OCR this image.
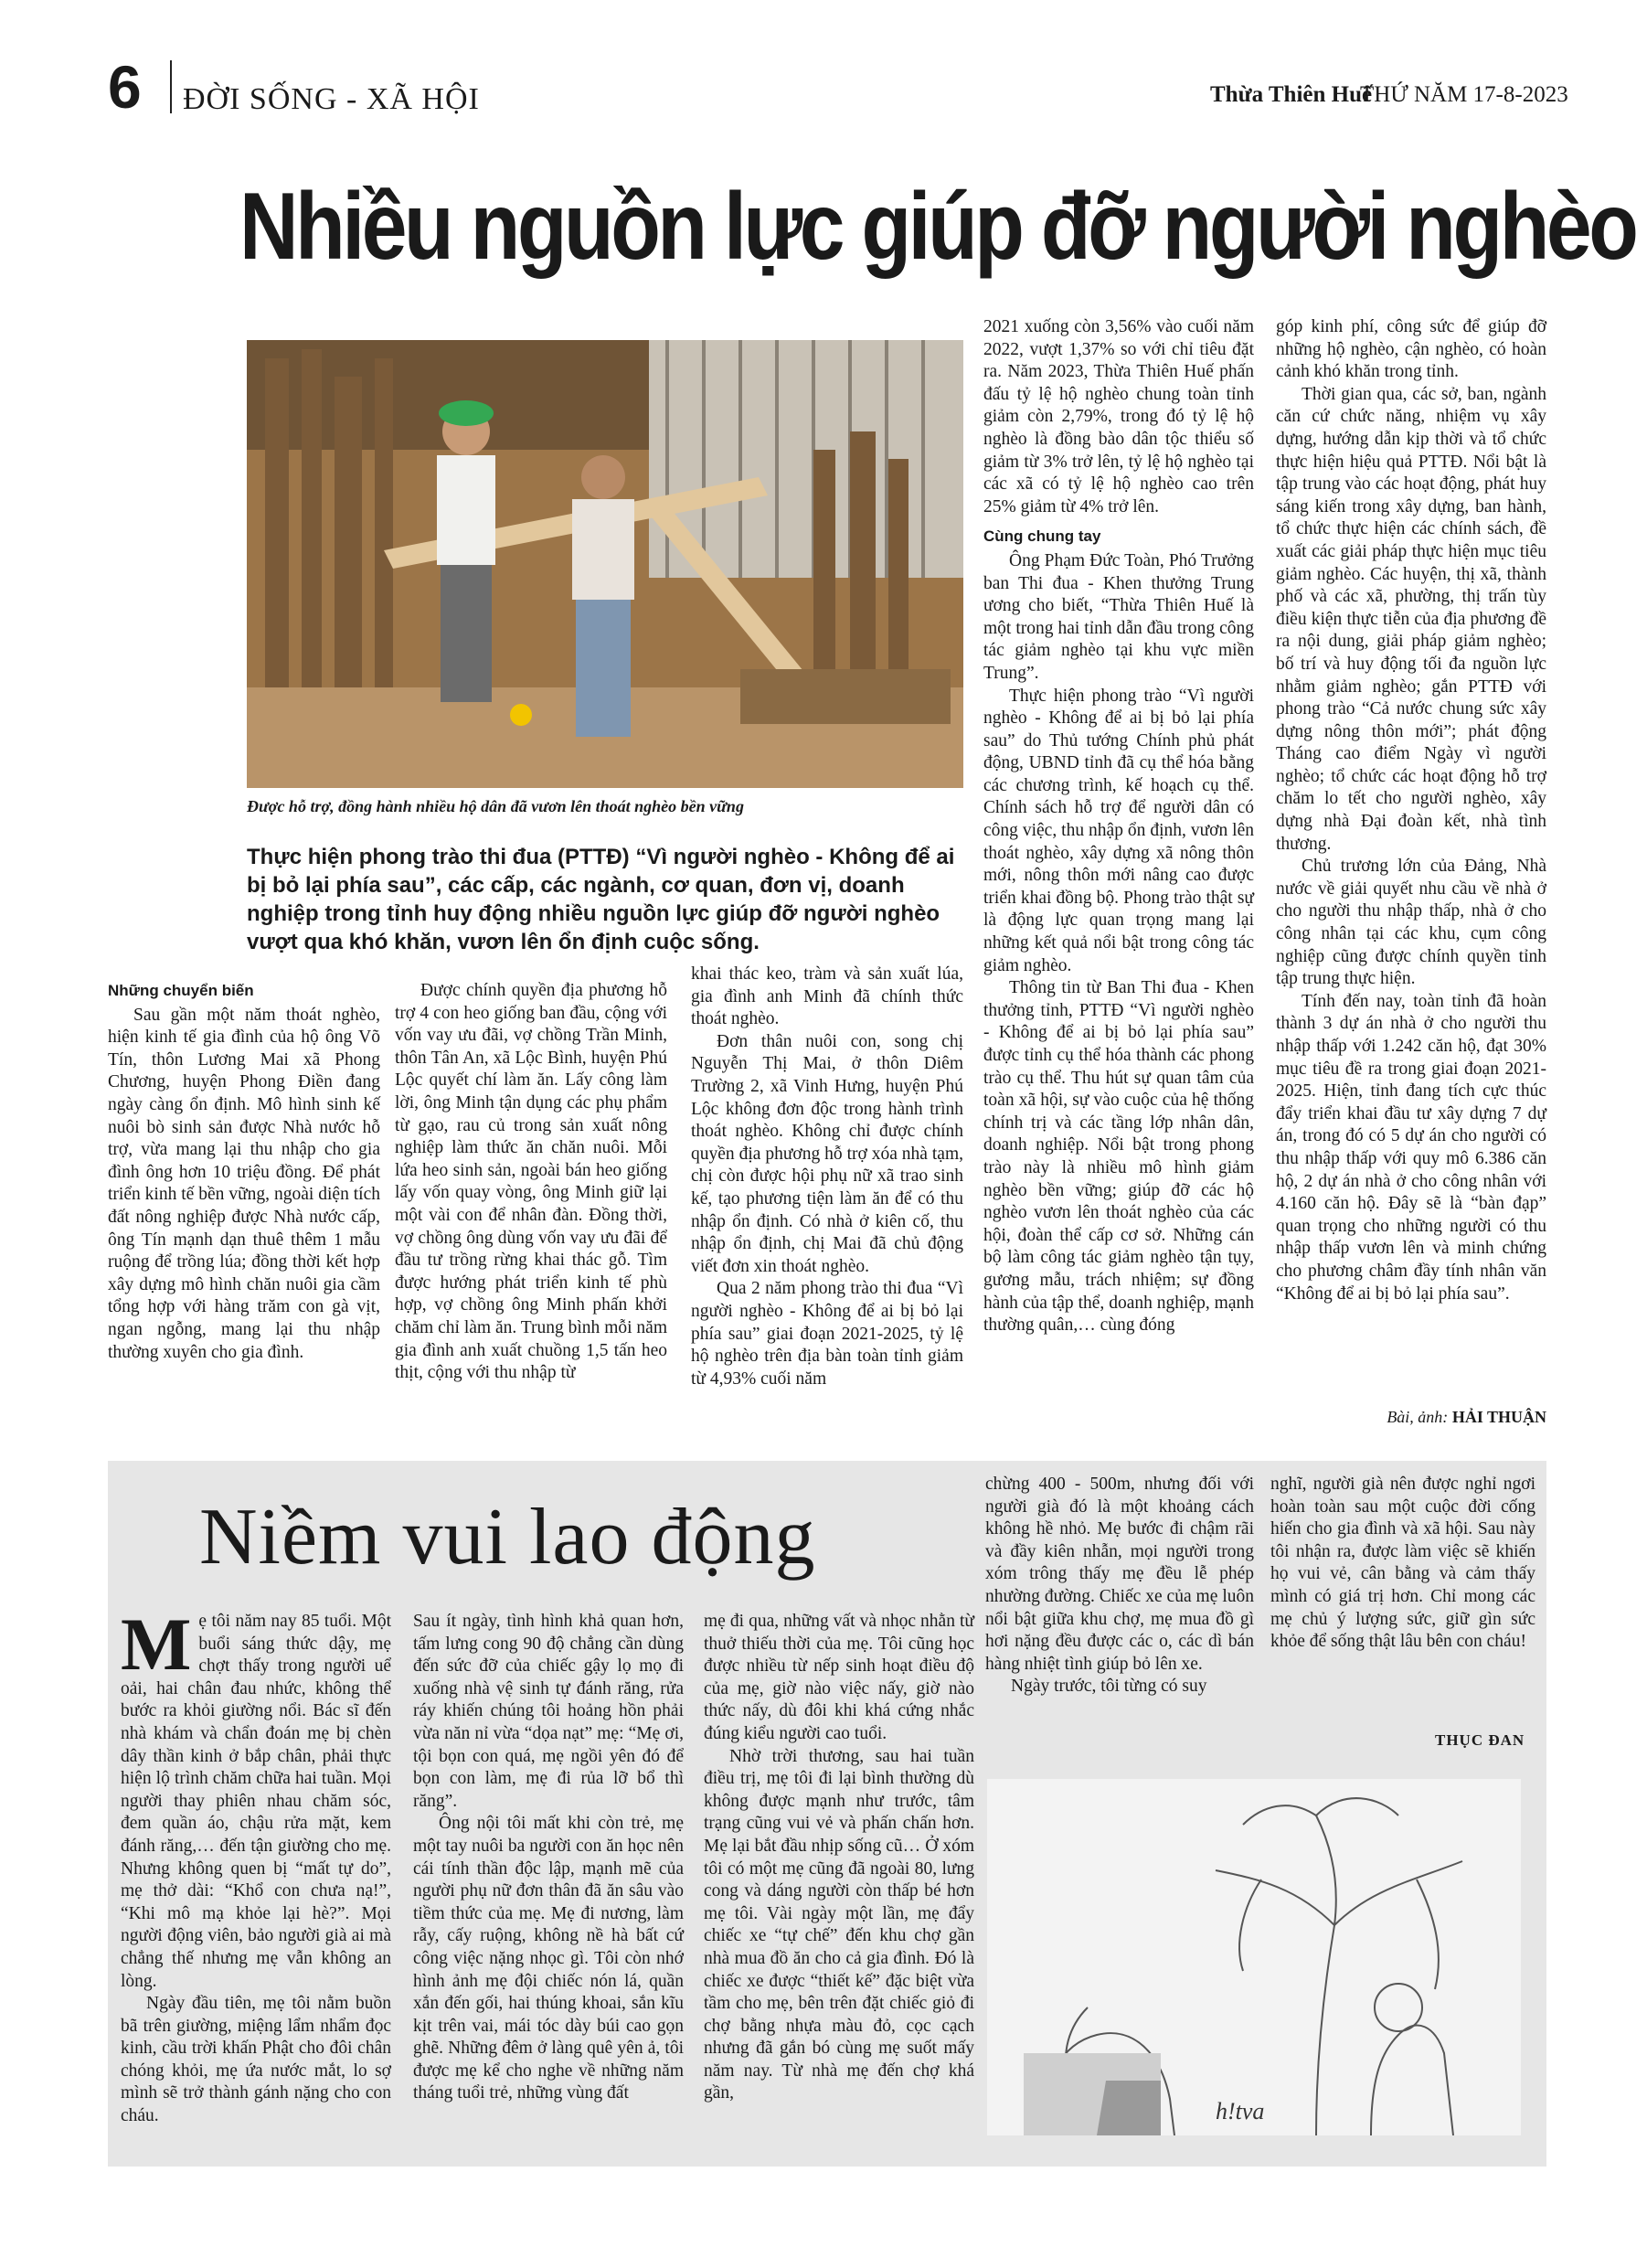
6 ĐỜI SỐNG - XÃ HỘI	Thừa Thiên Huế
THỨ NĂM 17-8-2023
Nhiều nguồn lực giúp đỡ người nghèo
Được hỗ trợ, đồng hành nhiều hộ dân đã vươn lên thoát nghèo bền vững
Thực hiện phong trào thi đua (PTTĐ) “Vì người nghèo - Không để ai bị bỏ lại phía sau”, các cấp, các ngành, cơ quan, đơn vị, doanh nghiệp trong tỉnh huy động nhiều nguồn lực giúp đỡ người nghèo vượt qua khó khăn, vươn lên ổn định cuộc sống.

Những chuyển biến

Sau gần một năm thoát nghèo, hiện kinh tế gia đình của hộ ông Võ Tín, thôn Lương Mai xã Phong Chương, huyện Phong Điền đang ngày càng ổn định. Mô hình sinh kế nuôi bò sinh sản được Nhà nước hỗ trợ, vừa mang lại thu nhập cho gia đình ông hơn 10 triệu đồng. Để phát triển kinh tế bền vững, ngoài diện tích đất nông nghiệp được Nhà nước cấp, ông Tín mạnh dạn thuê thêm 1 mẫu ruộng để trồng lúa; đồng thời kết hợp xây dựng mô hình chăn nuôi gia cầm tổng hợp với hàng trăm con gà vịt, ngan ngỗng, mang lại thu nhập thường xuyên cho gia đình.

Được chính quyền địa phương hỗ trợ 4 con heo giống ban đầu, cộng với vốn vay ưu đãi, vợ chồng Trần Minh, thôn Tân An, xã Lộc Bình, huyện Phú Lộc quyết chí làm ăn. Lấy công làm lời, ông Minh tận dụng các phụ phẩm từ gạo, rau củ trong sản xuất nông nghiệp làm thức ăn chăn nuôi. Mỗi lứa heo sinh sản, ngoài bán heo giống lấy vốn quay vòng, ông Minh giữ lại một vài con để nhân đàn. Đồng thời, vợ chồng ông dùng vốn vay ưu đãi để đầu tư trồng rừng khai thác gỗ. Tìm được hướng phát triển kinh tế phù hợp, vợ chồng ông Minh phấn khởi chăm chỉ làm ăn. Trung bình mỗi năm gia đình anh xuất chuồng 1,5 tấn heo thịt, cộng với thu nhập từ

khai thác keo, tràm và sản xuất lúa, gia đình anh Minh đã chính thức thoát nghèo.

Đơn thân nuôi con, song chị Nguyễn Thị Mai, ở thôn Diêm Trường 2, xã Vinh Hưng, huyện Phú Lộc không đơn độc trong hành trình thoát nghèo. Không chỉ được chính quyền địa phương hỗ trợ xóa nhà tạm, chị còn được hội phụ nữ xã trao sinh kế, tạo phương tiện làm ăn để có thu nhập ổn định. Có nhà ở kiên cố, thu nhập ổn định, chị Mai đã chủ động viết đơn xin thoát nghèo.

Qua 2 năm phong trào thi đua “Vì người nghèo - Không để ai bị bỏ lại phía sau” giai đoạn 2021-2025, tỷ lệ hộ nghèo trên địa bàn toàn tỉnh giảm từ 4,93% cuối năm

2021 xuống còn 3,56% vào cuối năm 2022, vượt 1,37% so với chỉ tiêu đặt ra. Năm 2023, Thừa Thiên Huế phấn đấu tỷ lệ hộ nghèo chung toàn tỉnh giảm còn 2,79%, trong đó tỷ lệ hộ nghèo là đồng bào dân tộc thiểu số giảm từ 3% trở lên, tỷ lệ hộ nghèo tại các xã có tỷ lệ hộ nghèo cao trên 25% giảm từ 4% trở lên.

Cùng chung tay

Ông Phạm Đức Toàn, Phó Trưởng ban Thi đua - Khen thưởng Trung ương cho biết, “Thừa Thiên Huế là một trong hai tỉnh dẫn đầu trong công tác giảm nghèo tại khu vực miền Trung”.

Thực hiện phong trào “Vì người nghèo - Không để ai bị bỏ lại phía sau” do Thủ tướng Chính phủ phát động, UBND tỉnh đã cụ thể hóa bằng các chương trình, kế hoạch cụ thể. Chính sách hỗ trợ để người dân có công việc, thu nhập ổn định, vươn lên thoát nghèo, xây dựng xã nông thôn mới, nông thôn mới nâng cao được triển khai đồng bộ. Phong trào thật sự là động lực quan trọng mang lại những kết quả nổi bật trong công tác giảm nghèo.

Thông tin từ Ban Thi đua - Khen thưởng tỉnh, PTTĐ “Vì người nghèo - Không để ai bị bỏ lại phía sau” được tỉnh cụ thể hóa thành các phong trào cụ thể. Thu hút sự quan tâm của toàn xã hội, sự vào cuộc của hệ thống chính trị và các tầng lớp nhân dân, doanh nghiệp. Nổi bật trong phong trào này là nhiều mô hình giảm nghèo bền vững; giúp đỡ các hộ nghèo vươn lên thoát nghèo của các hội, đoàn thể cấp cơ sở. Những cán bộ làm công tác giảm nghèo tận tụy, gương mẫu, trách nhiệm; sự đồng hành của tập thể, doanh nghiệp, mạnh thường quân,… cùng đóng

góp kinh phí, công sức để giúp đỡ những hộ nghèo, cận nghèo, có hoàn cảnh khó khăn trong tỉnh.

Thời gian qua, các sở, ban, ngành căn cứ chức năng, nhiệm vụ xây dựng, hướng dẫn kịp thời và tổ chức thực hiện hiệu quả PTTĐ. Nổi bật là tập trung vào các hoạt động, phát huy sáng kiến trong xây dựng, ban hành, tổ chức thực hiện các chính sách, đề xuất các giải pháp thực hiện mục tiêu giảm nghèo. Các huyện, thị xã, thành phố và các xã, phường, thị trấn tùy điều kiện thực tiễn của địa phương đề ra nội dung, giải pháp giảm nghèo; bố trí và huy động tối đa nguồn lực nhằm giảm nghèo; gắn PTTĐ với phong trào “Cả nước chung sức xây dựng nông thôn mới”; phát động Tháng cao điểm Ngày vì người nghèo; tổ chức các hoạt động hỗ trợ chăm lo tết cho người nghèo, xây dựng nhà Đại đoàn kết, nhà tình thương.

Chủ trương lớn của Đảng, Nhà nước về giải quyết nhu cầu về nhà ở cho người thu nhập thấp, nhà ở cho công nhân tại các khu, cụm công nghiệp cũng được chính quyền tỉnh tập trung thực hiện.

Tính đến nay, toàn tỉnh đã hoàn thành 3 dự án nhà ở cho người thu nhập thấp với 1.242 căn hộ, đạt 30% mục tiêu đề ra trong giai đoạn 2021-2025. Hiện, tỉnh đang tích cực thúc đẩy triển khai đầu tư xây dựng 7 dự án, trong đó có 5 dự án cho người có thu nhập thấp với quy mô 6.386 căn hộ, 2 dự án nhà ở cho công nhân với 4.160 căn hộ. Đây sẽ là “bàn đạp” quan trọng cho những người có thu nhập thấp vươn lên và minh chứng cho phương châm đầy tính nhân văn “Không để ai bị bỏ lại phía sau”.

Bài, ảnh: HẢI THUẬN
Niềm vui lao động

Mẹ tôi năm nay 85 tuổi. Một buổi sáng thức dậy, mẹ chợt thấy trong người uể oải, hai chân đau nhức, không thể bước ra khỏi giường nổi. Bác sĩ đến nhà khám và chẩn đoán mẹ bị chèn dây thần kinh ở bắp chân, phải thực hiện lộ trình chăm chữa hai tuần. Mọi người thay phiên nhau chăm sóc, đem quần áo, chậu rửa mặt, kem đánh răng,… đến tận giường cho mẹ. Nhưng không quen bị “mất tự do”, mẹ thở dài: “Khổ con chưa nạ!”, “Khi mô mạ khỏe lại hè?”. Mọi người động viên, bảo người già ai mà chẳng thế nhưng mẹ vẫn không an lòng.

Ngày đầu tiên, mẹ tôi nằm buồn bã trên giường, miệng lẩm nhẩm đọc kinh, cầu trời khấn Phật cho đôi chân chóng khỏi, mẹ ứa nước mắt, lo sợ mình sẽ trở thành gánh nặng cho con cháu.

Sau ít ngày, tình hình khả quan hơn, tấm lưng cong 90 độ chẳng cần dùng đến sức đỡ của chiếc gậy lọ mọ đi xuống nhà vệ sinh tự đánh răng, rửa ráy khiến chúng tôi hoảng hồn phải vừa năn nỉ vừa “dọa nạt” mẹ: “Mẹ ơi, tội bọn con quá, mẹ ngồi yên đó để bọn con làm, mẹ đi rủa lỡ bổ thì răng”.

Ông nội tôi mất khi còn trẻ, mẹ một tay nuôi ba người con ăn học nên cái tính thần độc lập, mạnh mẽ của người phụ nữ đơn thân đã ăn sâu vào tiềm thức của mẹ. Mẹ đi nương, làm rẫy, cấy ruộng, không nề hà bất cứ công việc nặng nhọc gì. Tôi còn nhớ hình ảnh mẹ đội chiếc nón lá, quần xắn đến gối, hai thúng khoai, sắn kĩu kịt trên vai, mái tóc dày búi cao gọn ghẽ. Những đêm ở làng quê yên ả, tôi được mẹ kể cho nghe về những năm tháng tuổi trẻ, những vùng đất

mẹ đi qua, những vất và nhọc nhằn từ thuở thiếu thời của mẹ. Tôi cũng học được nhiều từ nếp sinh hoạt điều độ của mẹ, giờ nào việc nấy, giờ nào thức nấy, dù đôi khi khá cứng nhắc đúng kiểu người cao tuổi.

Nhờ trời thương, sau hai tuần điều trị, mẹ tôi đi lại bình thường dù không được mạnh như trước, tâm trạng cũng vui vẻ và phấn chấn hơn. Mẹ lại bắt đầu nhịp sống cũ… Ở xóm tôi có một mẹ cũng đã ngoài 80, lưng cong và dáng người còn thấp bé hơn mẹ tôi. Vài ngày một lần, mẹ đẩy chiếc xe “tự chế” đến khu chợ gần nhà mua đồ ăn cho cả gia đình. Đó là chiếc xe được “thiết kế” đặc biệt vừa tầm cho mẹ, bên trên đặt chiếc giỏ đi chợ bằng nhựa màu đỏ, cọc cạch nhưng đã gắn bó cùng mẹ suốt mấy năm nay. Từ nhà mẹ đến chợ khá gần,

chừng 400 - 500m, nhưng đối với người già đó là một khoảng cách không hề nhỏ. Mẹ bước đi chậm rãi và đầy kiên nhẫn, mọi người trong xóm trông thấy mẹ đều lễ phép nhường đường. Chiếc xe của mẹ luôn nổi bật giữa khu chợ, mẹ mua đồ gì hơi nặng đều được các o, các dì bán hàng nhiệt tình giúp bỏ lên xe.

Ngày trước, tôi từng có suy

nghĩ, người già nên được nghỉ ngơi hoàn toàn sau một cuộc đời cống hiến cho gia đình và xã hội. Sau này tôi nhận ra, được làm việc sẽ khiến họ vui vẻ, cân bằng và cảm thấy mình có giá trị hơn. Chỉ mong các mẹ chủ ý lượng sức, giữ gìn sức khỏe để sống thật lâu bên con cháu!

THỤC ĐAN
h!tva
